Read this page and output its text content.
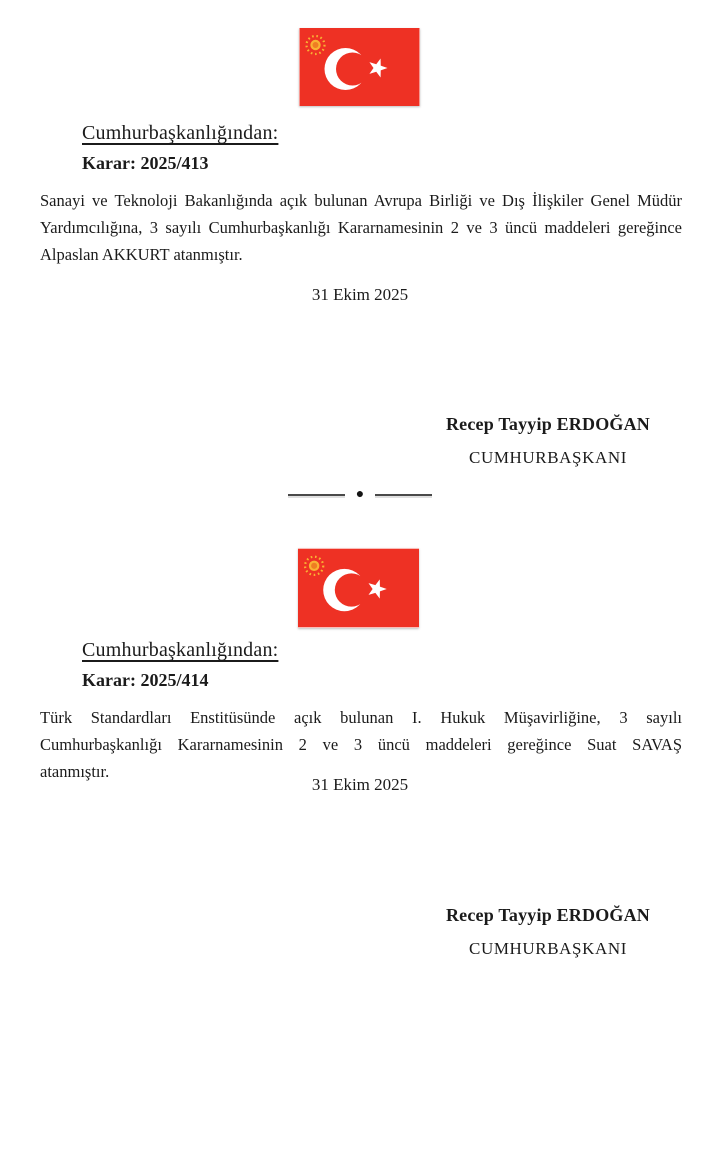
Cumhurbaşkanlığından:
Karar: 2025/413

Sanayi ve Teknoloji Bakanlığında açık bulunan Avrupa Birliği ve Dış İlişkiler Genel Müdür Yardımcılığına, 3 sayılı Cumhurbaşkanlığı Kararnamesinin 2 ve 3 üncü maddeleri gereğince Alpaslan AKKURT atanmıştır.

31 Ekim 2025
Recep Tayyip ERDOĞAN
CUMHURBAŞKANI
●
Cumhurbaşkanlığından:
Karar: 2025/414

Türk Standardları Enstitüsünde açık bulunan I. Hukuk Müşavirliğine, 3 sayılı Cumhurbaşkanlığı Kararnamesinin 2 ve 3 üncü maddeleri gereğince Suat SAVAŞ atanmıştır.

31 Ekim 2025
Recep Tayyip ERDOĞAN
CUMHURBAŞKANI
